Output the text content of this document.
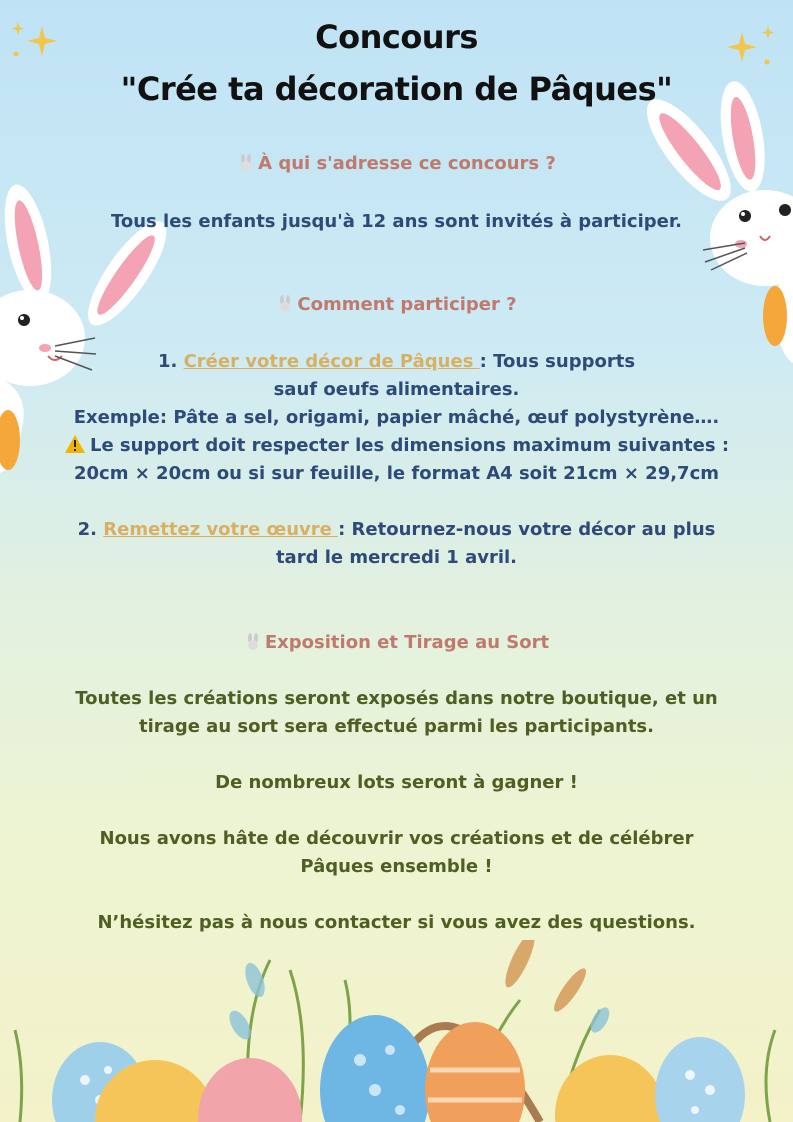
Concours
"Crée ta décoration de Pâques"
À qui s'adresse ce concours ?
Tous les enfants jusqu'à 12 ans sont invités à participer.
Comment participer ?
1. Créer votre décor de Pâques : Tous supports
sauf oeufs alimentaires.
Exemple: Pâte a sel, origami, papier mâché, œuf polystyrène….
Le support doit respecter les dimensions maximum suivantes :
20cm × 20cm ou si sur feuille, le format A4 soit 21cm × 29,7cm
2. Remettez votre œuvre : Retournez-nous votre décor au plus
tard le mercredi 1 avril.
Exposition et Tirage au Sort
Toutes les créations seront exposés dans notre boutique, et un
tirage au sort sera effectué parmi les participants.
De nombreux lots seront à gagner !
Nous avons hâte de découvrir vos créations et de célébrer
Pâques ensemble !
N’hésitez pas à nous contacter si vous avez des questions.
